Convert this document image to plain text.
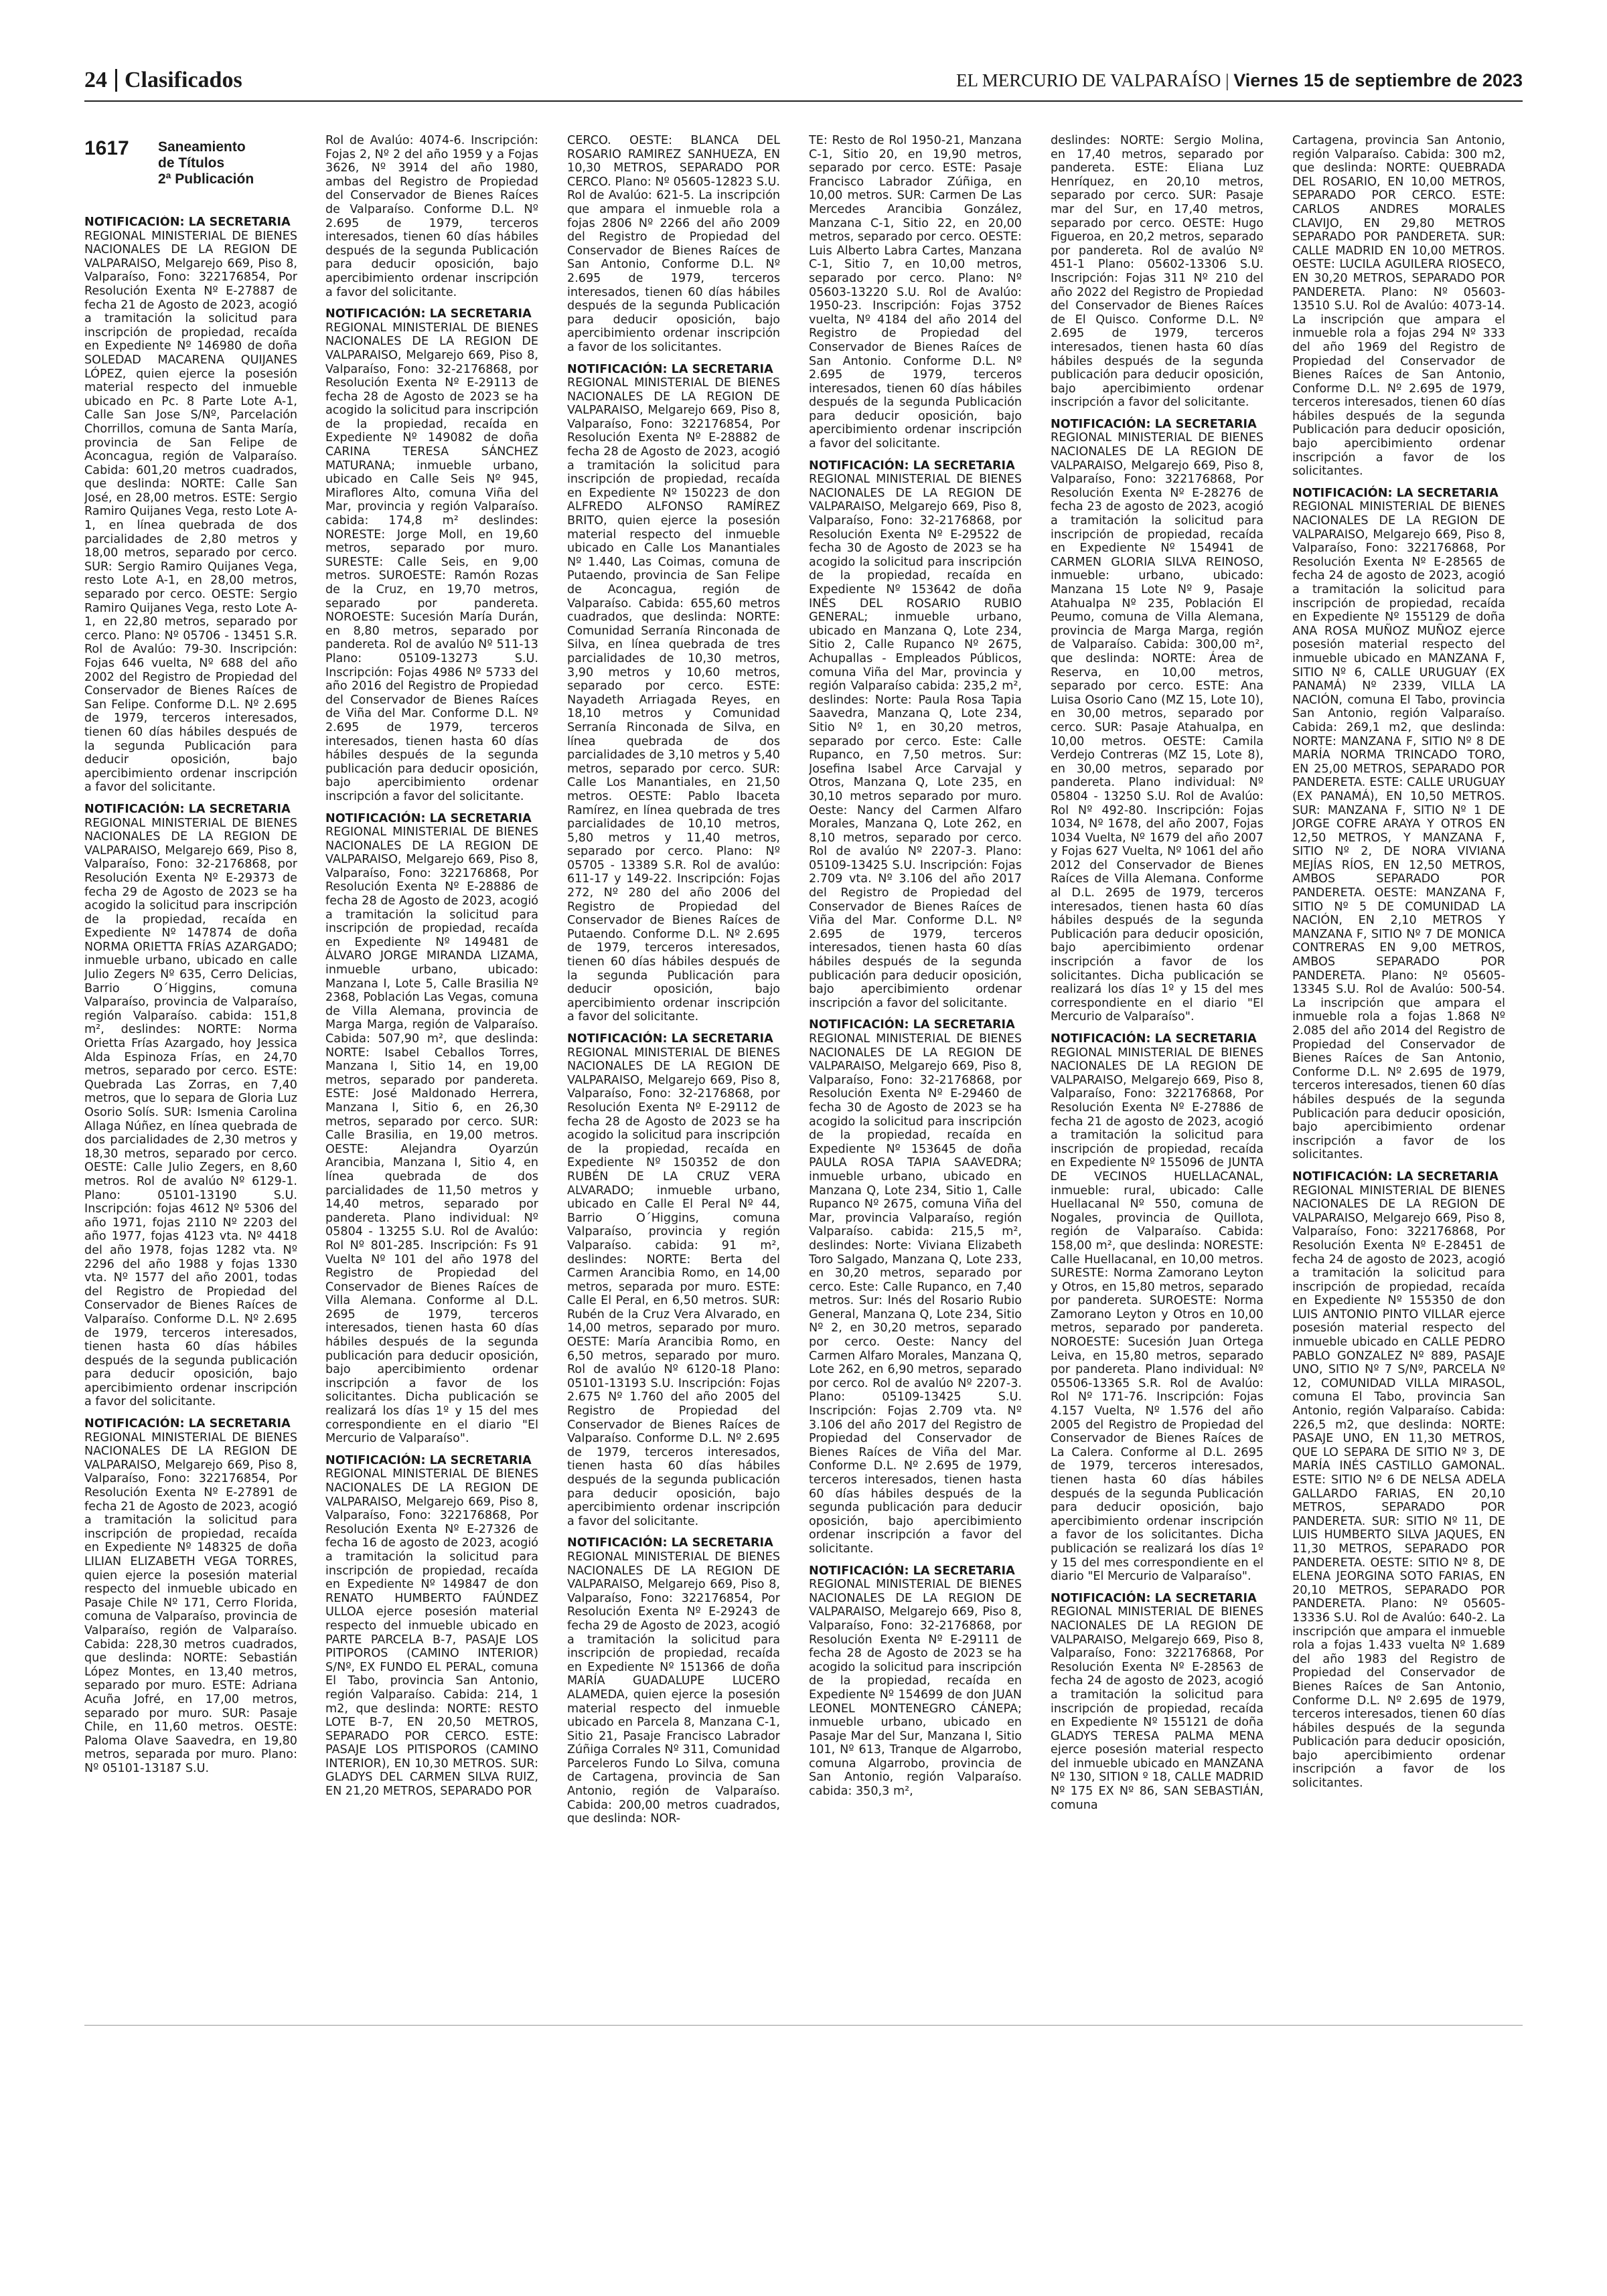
24 Clasificados	EL MERCURIO DE VALPARAÍSO | Viernes 15 de septiembre de 2023
1617 Saneamiento
de Títulos
2ª Publicación

NOTIFICACIÓN: LA SECRETARIA
REGIONAL MINISTERIAL DE BIENES NACIONALES DE LA REGION DE VALPARAISO, Melgarejo 669, Piso 8, Valparaíso, Fono: 322176854, Por Resolución Exenta Nº E-27887 de fecha 21 de Agosto de 2023, acogió a tramitación la solicitud para inscripción de propiedad, recaída en Expediente Nº 146980 de doña SOLEDAD MACARENA QUIJANES LÓPEZ, quien ejerce la posesión material respecto del inmueble ubicado en Pc. 8 Parte Lote A-1, Calle San Jose S/Nº, Parcelación Chorrillos, comuna de Santa María, provincia de San Felipe de Aconcagua, región de Valparaíso. Cabida: 601,20 metros cuadrados, que deslinda: NORTE: Calle San José, en 28,00 metros. ESTE: Sergio Ramiro Quijanes Vega, resto Lote A-1, en línea quebrada de dos parcialidades de 2,80 metros y 18,00 metros, separado por cerco. SUR: Sergio Ramiro Quijanes Vega, resto Lote A-1, en 28,00 metros, separado por cerco. OESTE: Sergio Ramiro Quijanes Vega, resto Lote A-1, en 22,80 metros, separado por cerco. Plano: Nº 05706 - 13451 S.R. Rol de Avalúo: 79-30. Inscripción: Fojas 646 vuelta, Nº 688 del año 2002 del Registro de Propiedad del Conservador de Bienes Raíces de San Felipe. Conforme D.L. Nº 2.695 de 1979, terceros interesados, tienen 60 días hábiles después de la segunda Publicación para deducir oposición, bajo apercibimiento ordenar inscripción a favor del solicitante.

NOTIFICACIÓN: LA SECRETARIA
REGIONAL MINISTERIAL DE BIENES NACIONALES DE LA REGION DE VALPARAISO, Melgarejo 669, Piso 8, Valparaíso, Fono: 32-2176868, por Resolución Exenta Nº E-29373 de fecha 29 de Agosto de 2023 se ha acogido la solicitud para inscripción de la propiedad, recaída en Expediente Nº 147874 de doña NORMA ORIETTA FRÍAS AZARGADO; inmueble urbano, ubicado en calle Julio Zegers Nº 635, Cerro Delicias, Barrio O´Higgins, comuna Valparaíso, provincia de Valparaíso, región Valparaíso. cabida: 151,8 m², deslindes: NORTE: Norma Orietta Frías Azargado, hoy Jessica Alda Espinoza Frías, en 24,70 metros, separado por cerco. ESTE: Quebrada Las Zorras, en 7,40 metros, que lo separa de Gloria Luz Osorio Solís. SUR: Ismenia Carolina Allaga Núñez, en línea quebrada de dos parcialidades de 2,30 metros y 18,30 metros, separado por cerco. OESTE: Calle Julio Zegers, en 8,60 metros. Rol de avalúo Nº 6129-1. Plano: 05101-13190 S.U. Inscripción: fojas 4612 Nº 5306 del año 1971, fojas 2110 Nº 2203 del año 1977, fojas 4123 vta. Nº 4418 del año 1978, fojas 1282 vta. Nº 2296 del año 1988 y fojas 1330 vta. Nº 1577 del año 2001, todas del Registro de Propiedad del Conservador de Bienes Raíces de Valparaíso. Conforme D.L. Nº 2.695 de 1979, terceros interesados, tienen hasta 60 días hábiles después de la segunda publicación para deducir oposición, bajo apercibimiento ordenar inscripción a favor del solicitante.

NOTIFICACIÓN: LA SECRETARIA
REGIONAL MINISTERIAL DE BIENES NACIONALES DE LA REGION DE VALPARAISO, Melgarejo 669, Piso 8, Valparaíso, Fono: 322176854, Por Resolución Exenta Nº E-27891 de fecha 21 de Agosto de 2023, acogió a tramitación la solicitud para inscripción de propiedad, recaída en Expediente Nº 148325 de doña LILIAN ELIZABETH VEGA TORRES, quien ejerce la posesión material respecto del inmueble ubicado en Pasaje Chile Nº 171, Cerro Florida, comuna de Valparaíso, provincia de Valparaíso, región de Valparaíso. Cabida: 228,30 metros cuadrados, que deslinda: NORTE: Sebastián López Montes, en 13,40 metros, separado por muro. ESTE: Adriana Acuña Jofré, en 17,00 metros, separado por muro. SUR: Pasaje Chile, en 11,60 metros. OESTE: Paloma Olave Saavedra, en 19,80 metros, separada por muro. Plano: Nº 05101-13187 S.U.

Rol de Avalúo: 4074-6. Inscripción: Fojas 2, Nº 2 del año 1959 y a Fojas 3626, Nº 3914 del año 1980, ambas del Registro de Propiedad del Conservador de Bienes Raíces de Valparaíso. Conforme D.L. Nº 2.695 de 1979, terceros interesados, tienen 60 días hábiles después de la segunda Publicación para deducir oposición, bajo apercibimiento ordenar inscripción a favor del solicitante.

NOTIFICACIÓN: LA SECRETARIA
REGIONAL MINISTERIAL DE BIENES NACIONALES DE LA REGION DE VALPARAISO, Melgarejo 669, Piso 8, Valparaíso, Fono: 32-2176868, por Resolución Exenta Nº E-29113 de fecha 28 de Agosto de 2023 se ha acogido la solicitud para inscripción de la propiedad, recaída en Expediente Nº 149082 de doña CARINA TERESA SÁNCHEZ MATURANA; inmueble urbano, ubicado en Calle Seis Nº 945, Miraflores Alto, comuna Viña del Mar, provincia y región Valparaíso. cabida: 174,8 m² deslindes: NORESTE: Jorge Moll, en 19,60 metros, separado por muro. SURESTE: Calle Seis, en 9,00 metros. SUROESTE: Ramón Rozas de la Cruz, en 19,70 metros, separado por pandereta. NOROESTE: Sucesión María Durán, en 8,80 metros, separado por pandereta. Rol de avalúo Nº 511-13 Plano: 05109-13273 S.U. Inscripción: Fojas 4986 Nº 5733 del año 2016 del Registro de Propiedad del Conservador de Bienes Raíces de Viña del Mar. Conforme D.L. Nº 2.695 de 1979, terceros interesados, tienen hasta 60 días hábiles después de la segunda publicación para deducir oposición, bajo apercibimiento ordenar inscripción a favor del solicitante.

NOTIFICACIÓN: LA SECRETARIA
REGIONAL MINISTERIAL DE BIENES NACIONALES DE LA REGION DE VALPARAISO, Melgarejo 669, Piso 8, Valparaíso, Fono: 322176868, Por Resolución Exenta Nº E-28886 de fecha 28 de Agosto de 2023, acogió a tramitación la solicitud para inscripción de propiedad, recaída en Expediente Nº 149481 de ÁLVARO JORGE MIRANDA LIZAMA, inmueble urbano, ubicado: Manzana I, Lote 5, Calle Brasilia Nº 2368, Población Las Vegas, comuna de Villa Alemana, provincia de Marga Marga, región de Valparaíso. Cabida: 507,90 m², que deslinda: NORTE: Isabel Ceballos Torres, Manzana I, Sitio 14, en 19,00 metros, separado por pandereta. ESTE: José Maldonado Herrera, Manzana I, Sitio 6, en 26,30 metros, separado por cerco. SUR: Calle Brasilia, en 19,00 metros. OESTE: Alejandra Oyarzún Arancibia, Manzana I, Sitio 4, en línea quebrada de dos parcialidades de 11,50 metros y 14,40 metros, separado por pandereta. Plano individual: Nº 05804 - 13255 S.U. Rol de Avalúo: Rol Nº 801-285. Inscripción: Fs 91 Vuelta Nº 101 del año 1978 del Registro de Propiedad del Conservador de Bienes Raíces de Villa Alemana. Conforme al D.L. 2695 de 1979, terceros interesados, tienen hasta 60 días hábiles después de la segunda publicación para deducir oposición, bajo apercibimiento ordenar inscripción a favor de los solicitantes. Dicha publicación se realizará los días 1º y 15 del mes correspondiente en el diario "El Mercurio de Valparaíso".

NOTIFICACIÓN: LA SECRETARIA
REGIONAL MINISTERIAL DE BIENES NACIONALES DE LA REGION DE VALPARAISO, Melgarejo 669, Piso 8, Valparaíso, Fono: 322176868, Por Resolución Exenta Nº E-27326 de fecha 16 de agosto de 2023, acogió a tramitación la solicitud para inscripción de propiedad, recaída en Expediente Nº 149847 de don RENATO HUMBERTO FAÚNDEZ ULLOA ejerce posesión material respecto del inmueble ubicado en PARTE PARCELA B-7, PASAJE LOS PITIPOROS (CAMINO INTERIOR) S/Nº, EX FUNDO EL PERAL, comuna El Tabo, provincia San Antonio, región Valparaíso. Cabida: 214, 1 m2, que deslinda: NORTE: RESTO LOTE B-7, EN 20,50 METROS, SEPARADO POR CERCO. ESTE: PASAJE LOS PITISPOROS (CAMINO INTERIOR), EN 10,30 METROS. SUR: GLADYS DEL CARMEN SILVA RUIZ, EN 21,20 METROS, SEPARADO POR

CERCO. OESTE: BLANCA DEL ROSARIO RAMIREZ SANHUEZA, EN 10,30 METROS, SEPARADO POR CERCO. Plano: Nº 05605-12823 S.U. Rol de Avalúo: 621-5. La inscripción que ampara el inmueble rola a fojas 2806 Nº 2266 del año 2009 del Registro de Propiedad del Conservador de Bienes Raíces de San Antonio, Conforme D.L. Nº 2.695 de 1979, terceros interesados, tienen 60 días hábiles después de la segunda Publicación para deducir oposición, bajo apercibimiento ordenar inscripción a favor de los solicitantes.

NOTIFICACIÓN: LA SECRETARIA
REGIONAL MINISTERIAL DE BIENES NACIONALES DE LA REGION DE VALPARAISO, Melgarejo 669, Piso 8, Valparaíso, Fono: 322176854, Por Resolución Exenta Nº E-28882 de fecha 28 de Agosto de 2023, acogió a tramitación la solicitud para inscripción de propiedad, recaída en Expediente Nº 150223 de don ALFREDO ALFONSO RAMÍREZ BRITO, quien ejerce la posesión material respecto del inmueble ubicado en Calle Los Manantiales Nº 1.440, Las Coimas, comuna de Putaendo, provincia de San Felipe de Aconcagua, región de Valparaíso. Cabida: 655,60 metros cuadrados, que deslinda: NORTE: Comunidad Serranía Rinconada de Silva, en línea quebrada de tres parcialidades de 10,30 metros, 3,90 metros y 10,60 metros, separado por cerco. ESTE: Nayadeth Arriagada Reyes, en 18,10 metros y Comunidad Serranía Rinconada de Silva, en línea quebrada de dos parcialidades de 3,10 metros y 5,40 metros, separado por cerco. SUR: Calle Los Manantiales, en 21,50 metros. OESTE: Pablo Ibaceta Ramírez, en línea quebrada de tres parcialidades de 10,10 metros, 5,80 metros y 11,40 metros, separado por cerco. Plano: Nº 05705 - 13389 S.R. Rol de avalúo: 611-17 y 149-22. Inscripción: Fojas 272, Nº 280 del año 2006 del Registro de Propiedad del Conservador de Bienes Raíces de Putaendo. Conforme D.L. Nº 2.695 de 1979, terceros interesados, tienen 60 días hábiles después de la segunda Publicación para deducir oposición, bajo apercibimiento ordenar inscripción a favor del solicitante.

NOTIFICACIÓN: LA SECRETARIA
REGIONAL MINISTERIAL DE BIENES NACIONALES DE LA REGION DE VALPARAISO, Melgarejo 669, Piso 8, Valparaíso, Fono: 32-2176868, por Resolución Exenta Nº E-29112 de fecha 28 de Agosto de 2023 se ha acogido la solicitud para inscripción de la propiedad, recaída en Expediente Nº 150352 de don RUBÉN DE LA CRUZ VERA ALVARADO; inmueble urbano, ubicado en Calle El Peral Nº 44, Barrio O´Higgins, comuna Valparaíso, provincia y región Valparaíso. cabida: 91 m², deslindes: NORTE: Berta del Carmen Arancibia Romo, en 14,00 metros, separada por muro. ESTE: Calle El Peral, en 6,50 metros. SUR: Rubén de la Cruz Vera Alvarado, en 14,00 metros, separado por muro. OESTE: María Arancibia Romo, en 6,50 metros, separado por muro. Rol de avalúo Nº 6120-18 Plano: 05101-13193 S.U. Inscripción: Fojas 2.675 Nº 1.760 del año 2005 del Registro de Propiedad del Conservador de Bienes Raíces de Valparaíso. Conforme D.L. Nº 2.695 de 1979, terceros interesados, tienen hasta 60 días hábiles después de la segunda publicación para deducir oposición, bajo apercibimiento ordenar inscripción a favor del solicitante.

NOTIFICACIÓN: LA SECRETARIA
REGIONAL MINISTERIAL DE BIENES NACIONALES DE LA REGION DE VALPARAISO, Melgarejo 669, Piso 8, Valparaíso, Fono: 322176854, Por Resolución Exenta Nº E-29243 de fecha 29 de Agosto de 2023, acogió a tramitación la solicitud para inscripción de propiedad, recaída en Expediente Nº 151366 de doña MARÍA GUADALUPE LUCERO ALAMEDA, quien ejerce la posesión material respecto del inmueble ubicado en Parcela 8, Manzana C-1, Sitio 21, Pasaje Francisco Labrador Zúñiga Corrales Nº 311, Comunidad Parceleros Fundo Lo Silva, comuna de Cartagena, provincia de San Antonio, región de Valparaíso. Cabida: 200,00 metros cuadrados, que deslinda: NOR-

TE: Resto de Rol 1950-21, Manzana C-1, Sitio 20, en 19,90 metros, separado por cerco. ESTE: Pasaje Francisco Labrador Zúñiga, en 10,00 metros. SUR: Carmen De Las Mercedes Arancibia González, Manzana C-1, Sitio 22, en 20,00 metros, separado por cerco. OESTE: Luis Alberto Labra Cartes, Manzana C-1, Sitio 7, en 10,00 metros, separado por cerco. Plano: Nº 05603-13220 S.U. Rol de Avalúo: 1950-23. Inscripción: Fojas 3752 vuelta, Nº 4184 del año 2014 del Registro de Propiedad del Conservador de Bienes Raíces de San Antonio. Conforme D.L. Nº 2.695 de 1979, terceros interesados, tienen 60 días hábiles después de la segunda Publicación para deducir oposición, bajo apercibimiento ordenar inscripción a favor del solicitante.

NOTIFICACIÓN: LA SECRETARIA
REGIONAL MINISTERIAL DE BIENES NACIONALES DE LA REGION DE VALPARAISO, Melgarejo 669, Piso 8, Valparaíso, Fono: 32-2176868, por Resolución Exenta Nº E-29522 de fecha 30 de Agosto de 2023 se ha acogido la solicitud para inscripción de la propiedad, recaída en Expediente Nº 153642 de doña INÉS DEL ROSARIO RUBIO GENERAL; inmueble urbano, ubicado en Manzana Q, Lote 234, Sitio 2, Calle Rupanco Nº 2675, Achupallas - Empleados Públicos, comuna Viña del Mar, provincia y región Valparaíso cabida: 235,2 m², deslindes: Norte: Paula Rosa Tapia Saavedra, Manzana Q, Lote 234, Sitio Nº 1, en 30,20 metros, separado por cerco. Este: Calle Rupanco, en 7,50 metros. Sur: Josefina Isabel Arce Carvajal y Otros, Manzana Q, Lote 235, en 30,10 metros separado por muro. Oeste: Nancy del Carmen Alfaro Morales, Manzana Q, Lote 262, en 8,10 metros, separado por cerco. Rol de avalúo Nº 2207-3. Plano: 05109-13425 S.U. Inscripción: Fojas 2.709 vta. Nº 3.106 del año 2017 del Registro de Propiedad del Conservador de Bienes Raíces de Viña del Mar. Conforme D.L. Nº 2.695 de 1979, terceros interesados, tienen hasta 60 días hábiles después de la segunda publicación para deducir oposición, bajo apercibimiento ordenar inscripción a favor del solicitante.

NOTIFICACIÓN: LA SECRETARIA
REGIONAL MINISTERIAL DE BIENES NACIONALES DE LA REGION DE VALPARAISO, Melgarejo 669, Piso 8, Valparaíso, Fono: 32-2176868, por Resolución Exenta Nº E-29460 de fecha 30 de Agosto de 2023 se ha acogido la solicitud para inscripción de la propiedad, recaída en Expediente Nº 153645 de doña PAULA ROSA TAPIA SAAVEDRA; inmueble urbano, ubicado en Manzana Q, Lote 234, Sitio 1, Calle Rupanco Nº 2675, comuna Viña del Mar, provincia Valparaíso, región Valparaíso. cabida: 215,5 m², deslindes: Norte: Viviana Elizabeth Toro Salgado, Manzana Q, Lote 233, en 30,20 metros, separado por cerco. Este: Calle Rupanco, en 7,40 metros. Sur: Inés del Rosario Rubio General, Manzana Q, Lote 234, Sitio Nº 2, en 30,20 metros, separado por cerco. Oeste: Nancy del Carmen Alfaro Morales, Manzana Q, Lote 262, en 6,90 metros, separado por cerco. Rol de avalúo Nº 2207-3. Plano: 05109-13425 S.U. Inscripción: Fojas 2.709 vta. Nº 3.106 del año 2017 del Registro de Propiedad del Conservador de Bienes Raíces de Viña del Mar. Conforme D.L. Nº 2.695 de 1979, terceros interesados, tienen hasta 60 días hábiles después de la segunda publicación para deducir oposición, bajo apercibimiento ordenar inscripción a favor del solicitante.

NOTIFICACIÓN: LA SECRETARIA
REGIONAL MINISTERIAL DE BIENES NACIONALES DE LA REGION DE VALPARAISO, Melgarejo 669, Piso 8, Valparaíso, Fono: 32-2176868, por Resolución Exenta Nº E-29111 de fecha 28 de Agosto de 2023 se ha acogido la solicitud para inscripción de la propiedad, recaída en Expediente Nº 154699 de don JUAN LEONEL MONTENEGRO CÁNEPA; inmueble urbano, ubicado en Pasaje Mar del Sur, Manzana I, Sitio 101, Nº 613, Tranque de Algarrobo, comuna Algarrobo, provincia de San Antonio, región Valparaíso. cabida: 350,3 m²,

deslindes: NORTE: Sergio Molina, en 17,40 metros, separado por pandereta. ESTE: Eliana Luz Henríquez, en 20,10 metros, separado por cerco. SUR: Pasaje mar del Sur, en 17,40 metros, separado por cerco. OESTE: Hugo Figueroa, en 20,2 metros, separado por pandereta. Rol de avalúo Nº 451-1 Plano: 05602-13306 S.U. Inscripción: Fojas 311 Nº 210 del año 2022 del Registro de Propiedad del Conservador de Bienes Raíces de El Quisco. Conforme D.L. Nº 2.695 de 1979, terceros interesados, tienen hasta 60 días hábiles después de la segunda publicación para deducir oposición, bajo apercibimiento ordenar inscripción a favor del solicitante.

NOTIFICACIÓN: LA SECRETARIA
REGIONAL MINISTERIAL DE BIENES NACIONALES DE LA REGION DE VALPARAISO, Melgarejo 669, Piso 8, Valparaíso, Fono: 322176868, Por Resolución Exenta Nº E-28276 de fecha 23 de agosto de 2023, acogió a tramitación la solicitud para inscripción de propiedad, recaída en Expediente Nº 154941 de CARMEN GLORIA SILVA REINOSO, inmueble: urbano, ubicado: Manzana 15 Lote Nº 9, Pasaje Atahualpa Nº 235, Población El Peumo, comuna de Villa Alemana, provincia de Marga Marga, región de Valparaíso. Cabida: 300,00 m², que deslinda: NORTE: Área de Reserva, en 10,00 metros, separado por cerco. ESTE: Ana Luisa Osorio Cano (MZ 15, Lote 10), en 30,00 metros, separado por cerco. SUR: Pasaje Atahualpa, en 10,00 metros. OESTE: Camila Verdejo Contreras (MZ 15, Lote 8), en 30,00 metros, separado por pandereta. Plano individual: Nº 05804 - 13250 S.U. Rol de Avalúo: Rol Nº 492-80. Inscripción: Fojas 1034, Nº 1678, del año 2007, Fojas 1034 Vuelta, Nº 1679 del año 2007 y Fojas 627 Vuelta, Nº 1061 del año 2012 del Conservador de Bienes Raíces de Villa Alemana. Conforme al D.L. 2695 de 1979, terceros interesados, tienen hasta 60 días hábiles después de la segunda Publicación para deducir oposición, bajo apercibimiento ordenar inscripción a favor de los solicitantes. Dicha publicación se realizará los días 1º y 15 del mes correspondiente en el diario "El Mercurio de Valparaíso".

NOTIFICACIÓN: LA SECRETARIA
REGIONAL MINISTERIAL DE BIENES NACIONALES DE LA REGION DE VALPARAISO, Melgarejo 669, Piso 8, Valparaíso, Fono: 322176868, Por Resolución Exenta Nº E-27886 de fecha 21 de agosto de 2023, acogió a tramitación la solicitud para inscripción de propiedad, recaída en Expediente Nº 155096 de JUNTA DE VECINOS HUELLACANAL, inmueble: rural, ubicado: Calle Huellacanal Nº 550, comuna de Nogales, provincia de Quillota, región de Valparaíso. Cabida: 158,00 m², que deslinda: NORESTE: Calle Huellacanal, en 10,00 metros. SURESTE: Norma Zamorano Leyton y Otros, en 15,80 metros, separado por pandereta. SUROESTE: Norma Zamorano Leyton y Otros en 10,00 metros, separado por pandereta. NOROESTE: Sucesión Juan Ortega Leiva, en 15,80 metros, separado por pandereta. Plano individual: Nº 05506-13365 S.R. Rol de Avalúo: Rol Nº 171-76. Inscripción: Fojas 4.157 Vuelta, Nº 1.576 del año 2005 del Registro de Propiedad del Conservador de Bienes Raíces de La Calera. Conforme al D.L. 2695 de 1979, terceros interesados, tienen hasta 60 días hábiles después de la segunda Publicación para deducir oposición, bajo apercibimiento ordenar inscripción a favor de los solicitantes. Dicha publicación se realizará los días 1º y 15 del mes correspondiente en el diario "El Mercurio de Valparaíso".

NOTIFICACIÓN: LA SECRETARIA
REGIONAL MINISTERIAL DE BIENES NACIONALES DE LA REGION DE VALPARAISO, Melgarejo 669, Piso 8, Valparaíso, Fono: 322176868, Por Resolución Exenta Nº E-28563 de fecha 24 de agosto de 2023, acogió a tramitación la solicitud para inscripción de propiedad, recaída en Expediente Nº 155121 de doña GLADYS TERESA PALMA MENA ejerce posesión material respecto del inmueble ubicado en MANZANA Nº 130, SITION º 18, CALLE MADRID Nº 175 EX Nº 86, SAN SEBASTIÁN, comuna

Cartagena, provincia San Antonio, región Valparaíso. Cabida: 300 m2, que deslinda: NORTE: QUEBRADA DEL ROSARIO, EN 10,00 METROS, SEPARADO POR CERCO. ESTE: CARLOS ANDRES MORALES CLAVIJO, EN 29,80 METROS SEPARADO POR PANDERETA. SUR: CALLE MADRID EN 10,00 METROS. OESTE: LUCILA AGUILERA RIOSECO, EN 30,20 METROS, SEPARADO POR PANDERETA. Plano: Nº 05603-13510 S.U. Rol de Avalúo: 4073-14. La inscripción que ampara el inmueble rola a fojas 294 Nº 333 del año 1969 del Registro de Propiedad del Conservador de Bienes Raíces de San Antonio, Conforme D.L. Nº 2.695 de 1979, terceros interesados, tienen 60 días hábiles después de la segunda Publicación para deducir oposición, bajo apercibimiento ordenar inscripción a favor de los solicitantes.

NOTIFICACIÓN: LA SECRETARIA
REGIONAL MINISTERIAL DE BIENES NACIONALES DE LA REGION DE VALPARAISO, Melgarejo 669, Piso 8, Valparaíso, Fono: 322176868, Por Resolución Exenta Nº E-28565 de fecha 24 de agosto de 2023, acogió a tramitación la solicitud para inscripción de propiedad, recaída en Expediente Nº 155129 de doña ANA ROSA MUÑOZ MUÑOZ ejerce posesión material respecto del inmueble ubicado en MANZANA F, SITIO Nº 6, CALLE URUGUAY (EX PANAMÁ) Nº 2339, VILLA LA NACIÓN, comuna El Tabo, provincia San Antonio, región Valparaíso. Cabida: 269,1 m2, que deslinda: NORTE: MANZANA F, SITIO Nº 8 DE MARÍA NORMA TRINCADO TORO, EN 25,00 METROS, SEPARADO POR PANDERETA. ESTE: CALLE URUGUAY (EX PANAMÁ), EN 10,50 METROS. SUR: MANZANA F, SITIO Nº 1 DE JORGE COFRE ARAYA Y OTROS EN 12,50 METROS, Y MANZANA F, SITIO Nº 2, DE NORA VIVIANA MEJÍAS RÍOS, EN 12,50 METROS, AMBOS SEPARADO POR PANDERETA. OESTE: MANZANA F, SITIO Nº 5 DE COMUNIDAD LA NACIÓN, EN 2,10 METROS Y MANZANA F, SITIO Nº 7 DE MONICA CONTRERAS EN 9,00 METROS, AMBOS SEPARADO POR PANDERETA. Plano: Nº 05605-13345 S.U. Rol de Avalúo: 500-54. La inscripción que ampara el inmueble rola a fojas 1.868 Nº 2.085 del año 2014 del Registro de Propiedad del Conservador de Bienes Raíces de San Antonio, Conforme D.L. Nº 2.695 de 1979, terceros interesados, tienen 60 días hábiles después de la segunda Publicación para deducir oposición, bajo apercibimiento ordenar inscripción a favor de los solicitantes.

NOTIFICACIÓN: LA SECRETARIA
REGIONAL MINISTERIAL DE BIENES NACIONALES DE LA REGION DE VALPARAISO, Melgarejo 669, Piso 8, Valparaíso, Fono: 322176868, Por Resolución Exenta Nº E-28451 de fecha 24 de agosto de 2023, acogió a tramitación la solicitud para inscripción de propiedad, recaída en Expediente Nº 155350 de don LUIS ANTONIO PINTO VILLAR ejerce posesión material respecto del inmueble ubicado en CALLE PEDRO PABLO GONZALEZ Nº 889, PASAJE UNO, SITIO Nº 7 S/Nº, PARCELA Nº 12, COMUNIDAD VILLA MIRASOL, comuna El Tabo, provincia San Antonio, región Valparaíso. Cabida: 226,5 m2, que deslinda: NORTE: PASAJE UNO, EN 11,30 METROS, QUE LO SEPARA DE SITIO Nº 3, DE MARÍA INÉS CASTILLO GAMONAL. ESTE: SITIO Nº 6 DE NELSA ADELA GALLARDO FARIAS, EN 20,10 METROS, SEPARADO POR PANDERETA. SUR: SITIO Nº 11, DE LUIS HUMBERTO SILVA JAQUES, EN 11,30 METROS, SEPARADO POR PANDERETA. OESTE: SITIO Nº 8, DE ELENA JEORGINA SOTO FARIAS, EN 20,10 METROS, SEPARADO POR PANDERETA. Plano: Nº 05605-13336 S.U. Rol de Avalúo: 640-2. La inscripción que ampara el inmueble rola a fojas 1.433 vuelta Nº 1.689 del año 1983 del Registro de Propiedad del Conservador de Bienes Raíces de San Antonio, Conforme D.L. Nº 2.695 de 1979, terceros interesados, tienen 60 días hábiles después de la segunda Publicación para deducir oposición, bajo apercibimiento ordenar inscripción a favor de los solicitantes.
